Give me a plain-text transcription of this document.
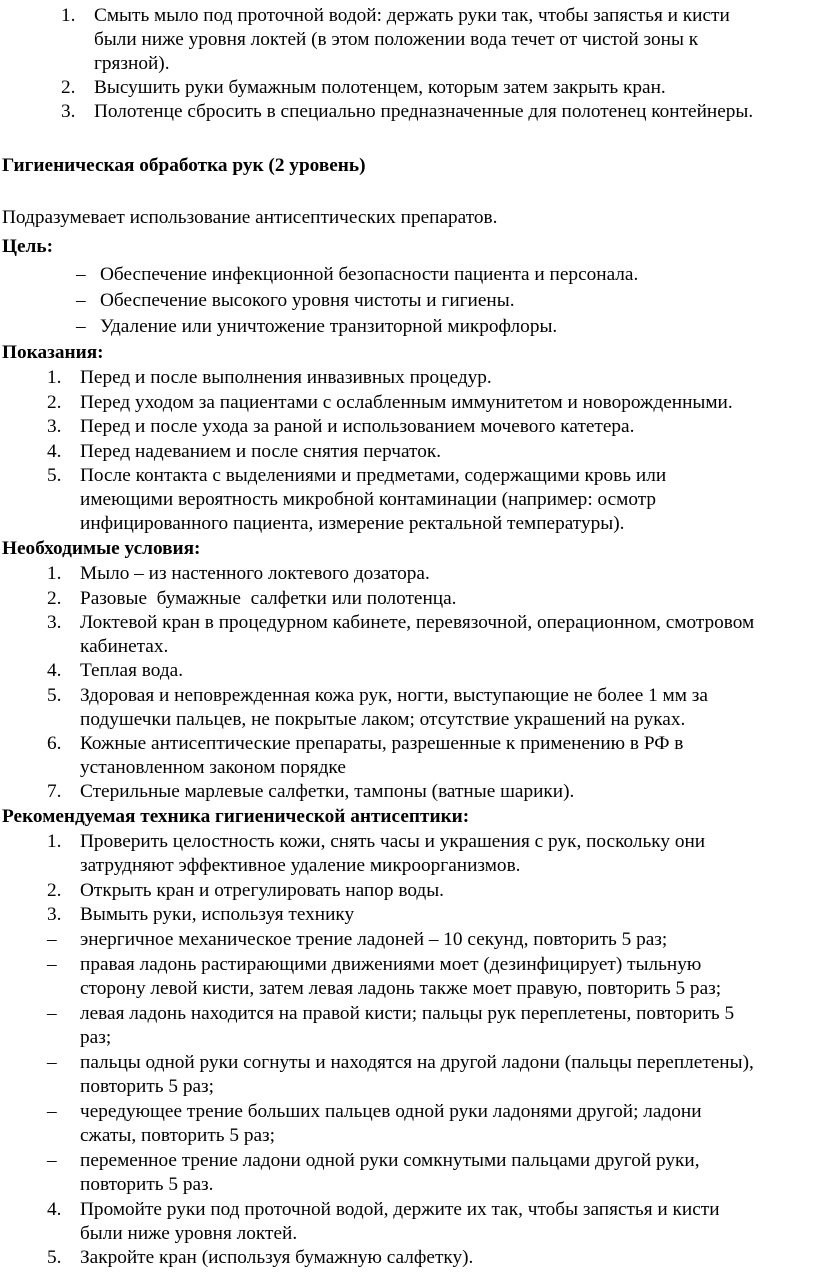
1. Смыть мыло под проточной водой: держать руки так, чтобы запястья и кисти
были ниже уровня локтей (в этом положении вода течет от чистой зоны к
грязной).
2. Высушить руки бумажным полотенцем, которым затем закрыть кран.
3. Полотенце сбросить в специально предназначенные для полотенец контейнеры.
Гигиеническая обработка рук (2 уровень)
Подразумевает использование антисептических препаратов.
Цель:
– Обеспечение инфекционной безопасности пациента и персонала.
– Обеспечение высокого уровня чистоты и гигиены.
– Удаление или уничтожение транзиторной микрофлоры.
Показания:
1. Перед и после выполнения инвазивных процедур.
2. Перед уходом за пациентами с ослабленным иммунитетом и новорожденными.
3. Перед и после ухода за раной и использованием мочевого катетера.
4. Перед надеванием и после снятия перчаток.
5. После контакта с выделениями и предметами, содержащими кровь или
имеющими вероятность микробной контаминации (например: осмотр
инфицированного пациента, измерение ректальной температуры).
Необходимые условия:
1. Мыло – из настенного локтевого дозатора.
2. Разовые  бумажные  салфетки или полотенца.
3. Локтевой кран в процедурном кабинете, перевязочной, операционном, смотровом
кабинетах.
4. Теплая вода.
5. Здоровая и неповрежденная кожа рук, ногти, выступающие не более 1 мм за
подушечки пальцев, не покрытые лаком; отсутствие украшений на руках.
6. Кожные антисептические препараты, разрешенные к применению в РФ в
установленном законом порядке
7. Стерильные марлевые салфетки, тампоны (ватные шарики).
Рекомендуемая техника гигиенической антисептики:
1. Проверить целостность кожи, снять часы и украшения с рук, поскольку они
затрудняют эффективное удаление микроорганизмов.
2. Открыть кран и отрегулировать напор воды.
3. Вымыть руки, используя технику
– энергичное механическое трение ладоней – 10 секунд, повторить 5 раз;
– правая ладонь растирающими движениями моет (дезинфицирует) тыльную
сторону левой кисти, затем левая ладонь также моет правую, повторить 5 раз;
– левая ладонь находится на правой кисти; пальцы рук переплетены, повторить 5
раз;
– пальцы одной руки согнуты и находятся на другой ладони (пальцы переплетены),
повторить 5 раз;
– чередующее трение больших пальцев одной руки ладонями другой; ладони
сжаты, повторить 5 раз;
– переменное трение ладони одной руки сомкнутыми пальцами другой руки,
повторить 5 раз.
4. Промойте руки под проточной водой, держите их так, чтобы запястья и кисти
были ниже уровня локтей.
5. Закройте кран (используя бумажную салфетку).
